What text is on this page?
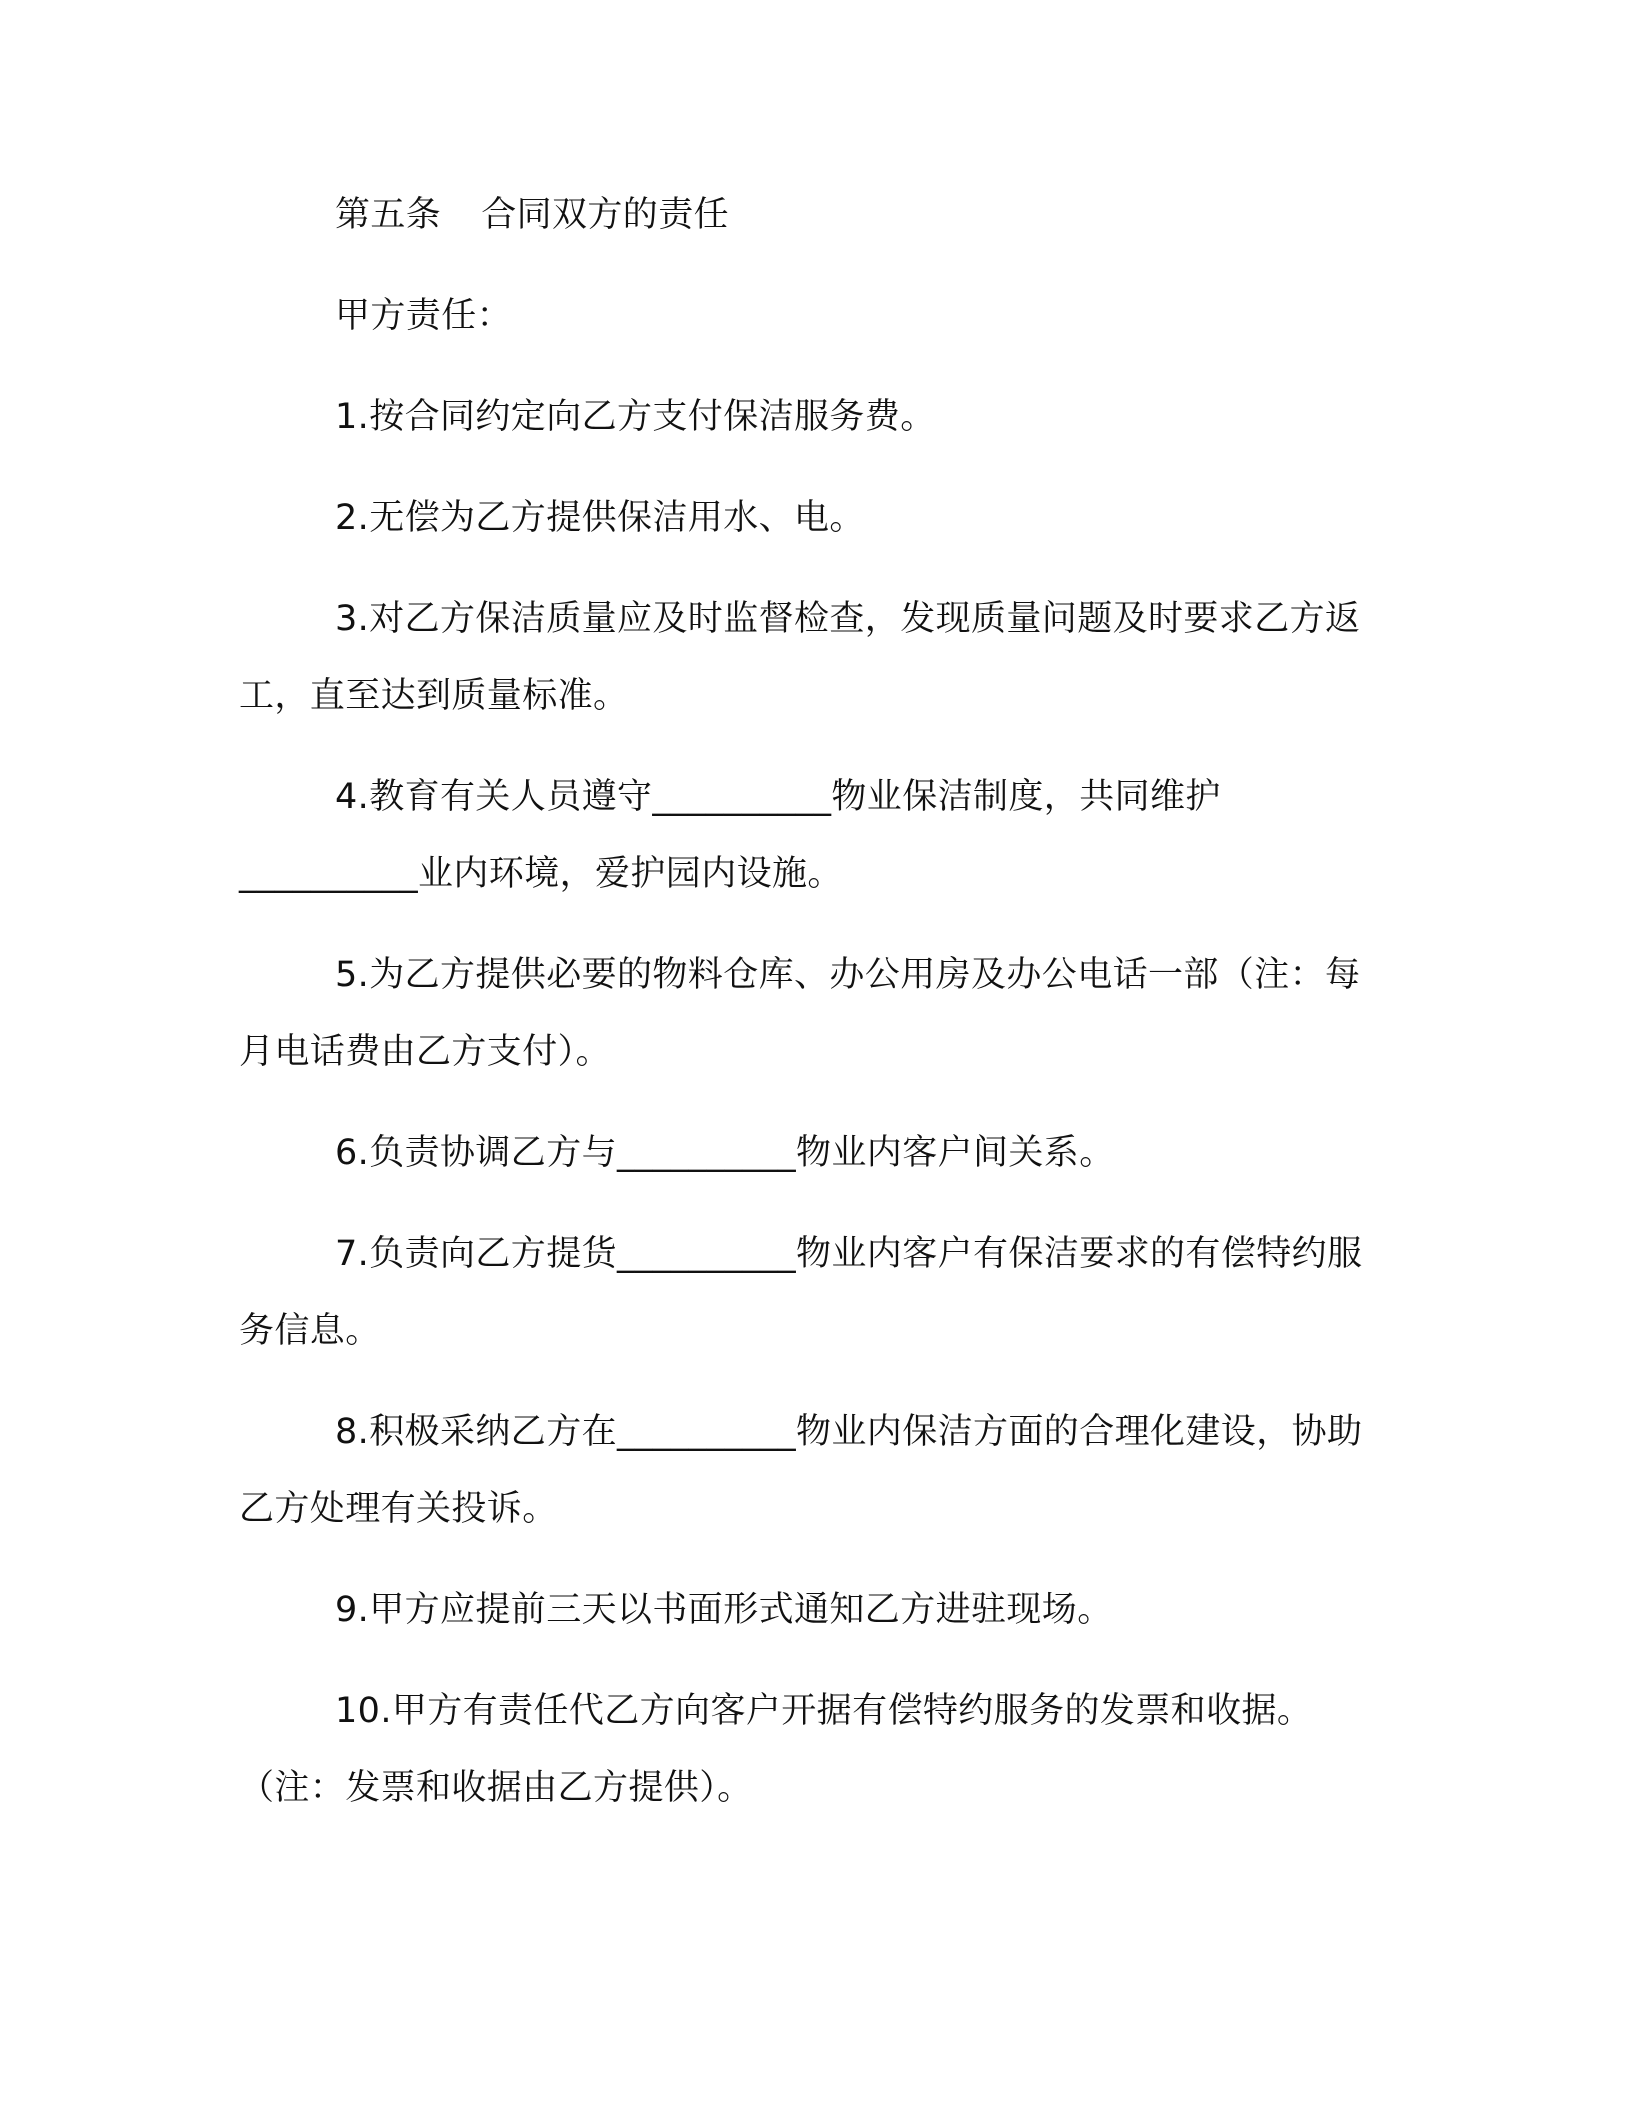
第五条 合同双方的责任

甲方责任：

1.按合同约定向乙方支付保洁服务费。

2.无偿为乙方提供保洁用水、电。

3.对乙方保洁质量应及时监督检查，发现质量问题及时要求乙方返工，直至达到质量标准。

4.教育有关人员遵守__________物业保洁制度，共同维护__________业内环境，爱护园内设施。

5.为乙方提供必要的物料仓库、办公用房及办公电话一部（注：每月电话费由乙方支付）。

6.负责协调乙方与__________物业内客户间关系。

7.负责向乙方提货__________物业内客户有保洁要求的有偿特约服务信息。

8.积极采纳乙方在__________物业内保洁方面的合理化建设，协助乙方处理有关投诉。

9.甲方应提前三天以书面形式通知乙方进驻现场。

10.甲方有责任代乙方向客户开据有偿特约服务的发票和收据。（注：发票和收据由乙方提供）。
